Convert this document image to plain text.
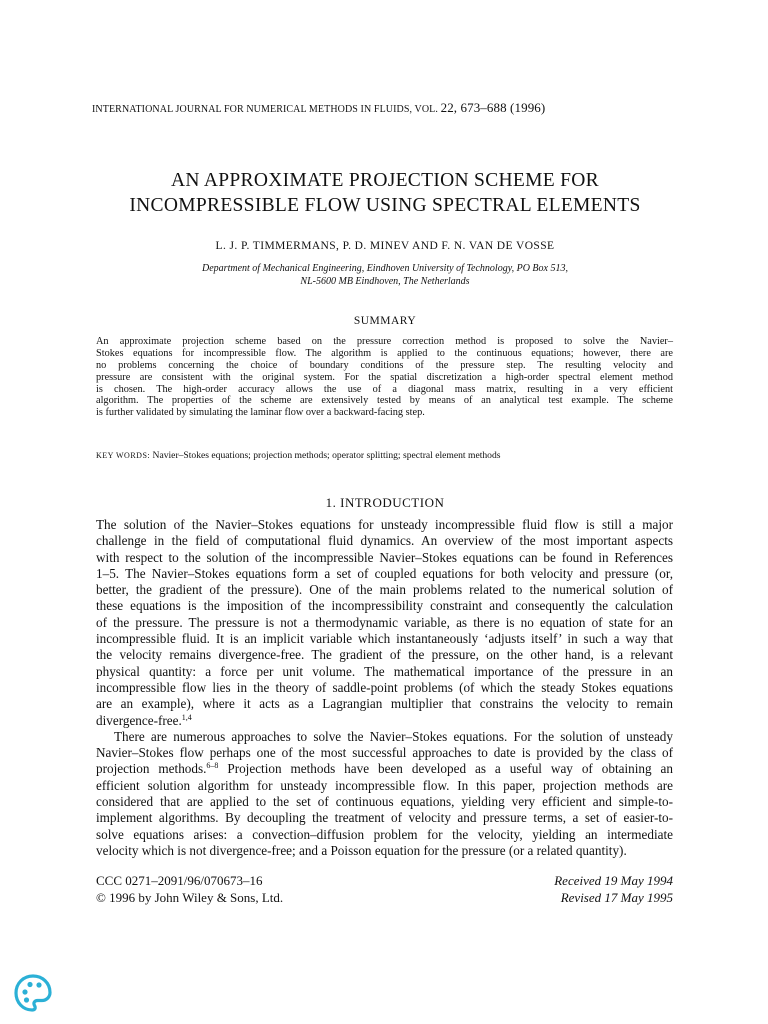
INTERNATIONAL JOURNAL FOR NUMERICAL METHODS IN FLUIDS, VOL. 22, 673–688 (1996)
AN APPROXIMATE PROJECTION SCHEME FOR
INCOMPRESSIBLE FLOW USING SPECTRAL ELEMENTS
L. J. P. TIMMERMANS, P. D. MINEV AND F. N. VAN DE VOSSE
Department of Mechanical Engineering, Eindhoven University of Technology, PO Box 513,
NL-5600 MB Eindhoven, The Netherlands
SUMMARY
An approximate projection scheme based on the pressure correction method is proposed to solve the Navier–
Stokes equations for incompressible flow. The algorithm is applied to the continuous equations; however, there are
no problems concerning the choice of boundary conditions of the pressure step. The resulting velocity and
pressure are consistent with the original system. For the spatial discretization a high-order spectral element method
is chosen. The high-order accuracy allows the use of a diagonal mass matrix, resulting in a very efficient
algorithm. The properties of the scheme are extensively tested by means of an analytical test example. The scheme
is further validated by simulating the laminar flow over a backward-facing step.
KEY WORDS: Navier–Stokes equations; projection methods; operator splitting; spectral element methods
1. INTRODUCTION
The solution of the Navier–Stokes equations for unsteady incompressible fluid flow is still a major
challenge in the field of computational fluid dynamics. An overview of the most important aspects
with respect to the solution of the incompressible Navier–Stokes equations can be found in References
1–5. The Navier–Stokes equations form a set of coupled equations for both velocity and pressure (or,
better, the gradient of the pressure). One of the main problems related to the numerical solution of
these equations is the imposition of the incompressibility constraint and consequently the calculation
of the pressure. The pressure is not a thermodynamic variable, as there is no equation of state for an
incompressible fluid. It is an implicit variable which instantaneously ‘adjusts itself’ in such a way that
the velocity remains divergence-free. The gradient of the pressure, on the other hand, is a relevant
physical quantity: a force per unit volume. The mathematical importance of the pressure in an
incompressible flow lies in the theory of saddle-point problems (of which the steady Stokes equations
are an example), where it acts as a Lagrangian multiplier that constrains the velocity to remain
divergence-free.$^{1,4}$
There are numerous approaches to solve the Navier–Stokes equations. For the solution of unsteady
Navier–Stokes flow perhaps one of the most successful approaches to date is provided by the class of
projection methods.$^{6-8}$ Projection methods have been developed as a useful way of obtaining an
efficient solution algorithm for unsteady incompressible flow. In this paper, projection methods are
considered that are applied to the set of continuous equations, yielding very efficient and simple-to-
implement algorithms. By decoupling the treatment of velocity and pressure terms, a set of easier-to-
solve equations arises: a convection–diffusion problem for the velocity, yielding an intermediate
velocity which is not divergence-free; and a Poisson equation for the pressure (or a related quantity).
CCC 0271–2091/96/070673–16
© 1996 by John Wiley & Sons, Ltd.
Received 19 May 1994
Revised 17 May 1995
